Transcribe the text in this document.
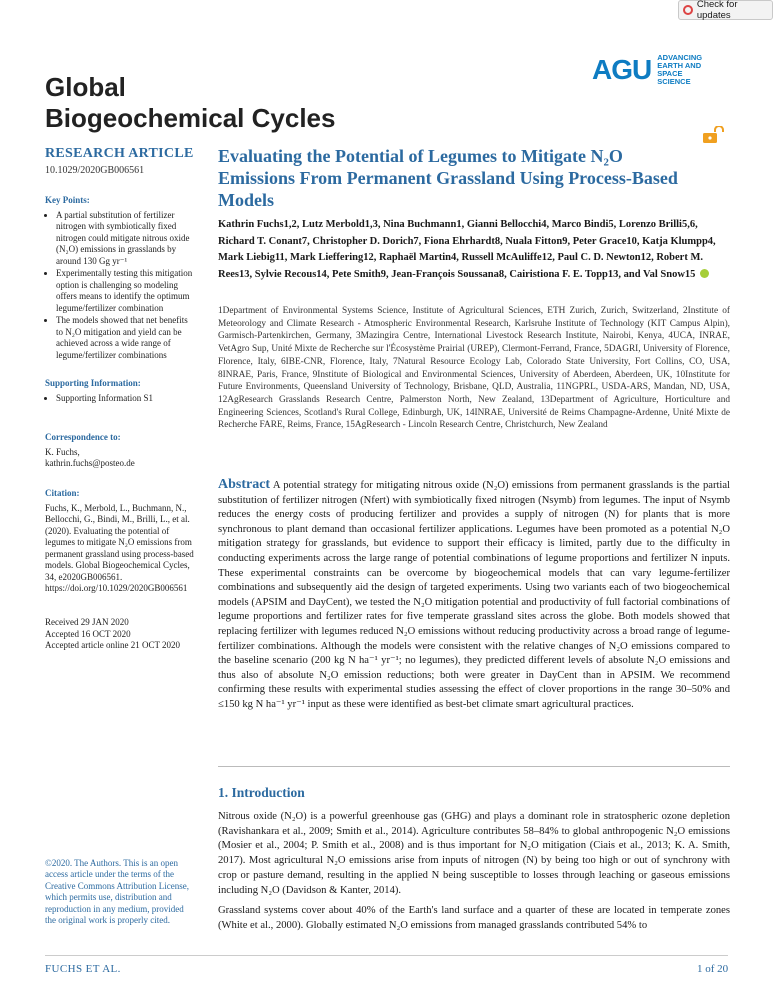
Check for updates
AGU ADVANCING EARTH AND SPACE SCIENCE
Global
Biogeochemical Cycles
RESEARCH ARTICLE
10.1029/2020GB006561
Key Points:
• A partial substitution of fertilizer nitrogen with symbiotically fixed nitrogen could mitigate nitrous oxide (N₂O) emissions in grasslands by around 130 Gg yr⁻¹
• Experimentally testing this mitigation option is challenging so modeling offers means to identify the optimum legume/fertilizer combination
• The models showed that net benefits to N₂O mitigation and yield can be achieved across a wide range of legume/fertilizer combinations
Supporting Information:
• Supporting Information S1
Correspondence to:

K. Fuchs,

kathrin.fuchs@posteo.de

Citation:

Fuchs, K., Merbold, L., Buchmann, N., Bellocchi, G., Bindi, M., Brilli, L., et al. (2020). Evaluating the potential of legumes to mitigate N₂O emissions from permanent grassland using process-based models. Global Biogeochemical Cycles, 34, e2020GB006561. https://doi.org/10.1029/2020GB006561

Received 29 JAN 2020

Accepted 16 OCT 2020

Accepted article online 21 OCT 2020

©2020. The Authors. This is an open access article under the terms of the Creative Commons Attribution License, which permits use, distribution and reproduction in any medium, provided the original work is properly cited.
Evaluating the Potential of Legumes to Mitigate N₂O Emissions From Permanent Grassland Using Process-Based Models
Kathrin Fuchs1,2, Lutz Merbold1,3, Nina Buchmann1, Gianni Bellocchi4, Marco Bindi5, Lorenzo Brilli5,6, Richard T. Conant7, Christopher D. Dorich7, Fiona Ehrhardt8, Nuala Fitton9, Peter Grace10, Katja Klumpp4, Mark Liebig11, Mark Lieffering12, Raphaël Martin4, Russell McAuliffe12, Paul C. D. Newton12, Robert M. Rees13, Sylvie Recous14, Pete Smith9, Jean-François Soussana8, Cairistiona F. E. Topp13, and Val Snow15
1Department of Environmental Systems Science, Institute of Agricultural Sciences, ETH Zurich, Zurich, Switzerland, 2Institute of Meteorology and Climate Research - Atmospheric Environmental Research, Karlsruhe Institute of Technology (KIT Campus Alpin), Garmisch-Partenkirchen, Germany, 3Mazingira Centre, International Livestock Research Institute, Nairobi, Kenya, 4UCA, INRAE, VetAgro Sup, Unité Mixte de Recherche sur l'Écosystème Prairial (UREP), Clermont-Ferrand, France, 5DAGRI, University of Florence, Florence, Italy, 6IBE-CNR, Florence, Italy, 7Natural Resource Ecology Lab, Colorado State University, Fort Collins, CO, USA, 8INRAE, Paris, France, 9Institute of Biological and Environmental Sciences, University of Aberdeen, Aberdeen, UK, 10Institute for Future Environments, Queensland University of Technology, Brisbane, QLD, Australia, 11NGPRL, USDA-ARS, Mandan, ND, USA, 12AgResearch Grasslands Research Centre, Palmerston North, New Zealand, 13Department of Agriculture, Horticulture and Engineering Sciences, Scotland's Rural College, Edinburgh, UK, 14INRAE, Université de Reims Champagne-Ardenne, Unité Mixte de Recherche FARE, Reims, France, 15AgResearch - Lincoln Research Centre, Christchurch, New Zealand
Abstract A potential strategy for mitigating nitrous oxide (N₂O) emissions from permanent grasslands is the partial substitution of fertilizer nitrogen (Nfert) with symbiotically fixed nitrogen (Nsymb) from legumes. The input of Nsymb reduces the energy costs of producing fertilizer and provides a supply of nitrogen (N) for plants that is more synchronous to plant demand than occasional fertilizer applications. Legumes have been promoted as a potential N₂O mitigation strategy for grasslands, but evidence to support their efficacy is limited, partly due to the difficulty in conducting experiments across the large range of potential combinations of legume proportions and fertilizer N inputs. These experimental constraints can be overcome by biogeochemical models that can vary legume-fertilizer combinations and subsequently aid the design of targeted experiments. Using two variants each of two biogeochemical models (APSIM and DayCent), we tested the N₂O mitigation potential and productivity of full factorial combinations of legume proportions and fertilizer rates for five temperate grassland sites across the globe. Both models showed that replacing fertilizer with legumes reduced N₂O emissions without reducing productivity across a broad range of legume-fertilizer combinations. Although the models were consistent with the relative changes of N₂O emissions compared to the baseline scenario (200 kg N ha⁻¹ yr⁻¹; no legumes), they predicted different levels of absolute N₂O emissions and thus also of absolute N₂O emission reductions; both were greater in DayCent than in APSIM. We recommend confirming these results with experimental studies assessing the effect of clover proportions in the range 30–50% and ≤150 kg N ha⁻¹ yr⁻¹ input as these were identified as best-bet climate smart agricultural practices.
1. Introduction

Nitrous oxide (N₂O) is a powerful greenhouse gas (GHG) and plays a dominant role in stratospheric ozone depletion (Ravishankara et al., 2009; Smith et al., 2014). Agriculture contributes 58–84% to global anthropogenic N₂O emissions (Mosier et al., 2004; P. Smith et al., 2008) and is thus important for N₂O mitigation (Ciais et al., 2013; K. A. Smith, 2017). Most agricultural N₂O emissions arise from inputs of nitrogen (N) by being too high or out of synchrony with crop or pasture demand, resulting in the applied N being susceptible to losses through leaching or gaseous emissions including N₂O (Davidson & Kanter, 2014).

Grassland systems cover about 40% of the Earth's land surface and a quarter of these are located in temperate zones (White et al., 2000). Globally estimated N₂O emissions from managed grasslands contributed 54% to

FUCHS ET AL.	1 of 20
